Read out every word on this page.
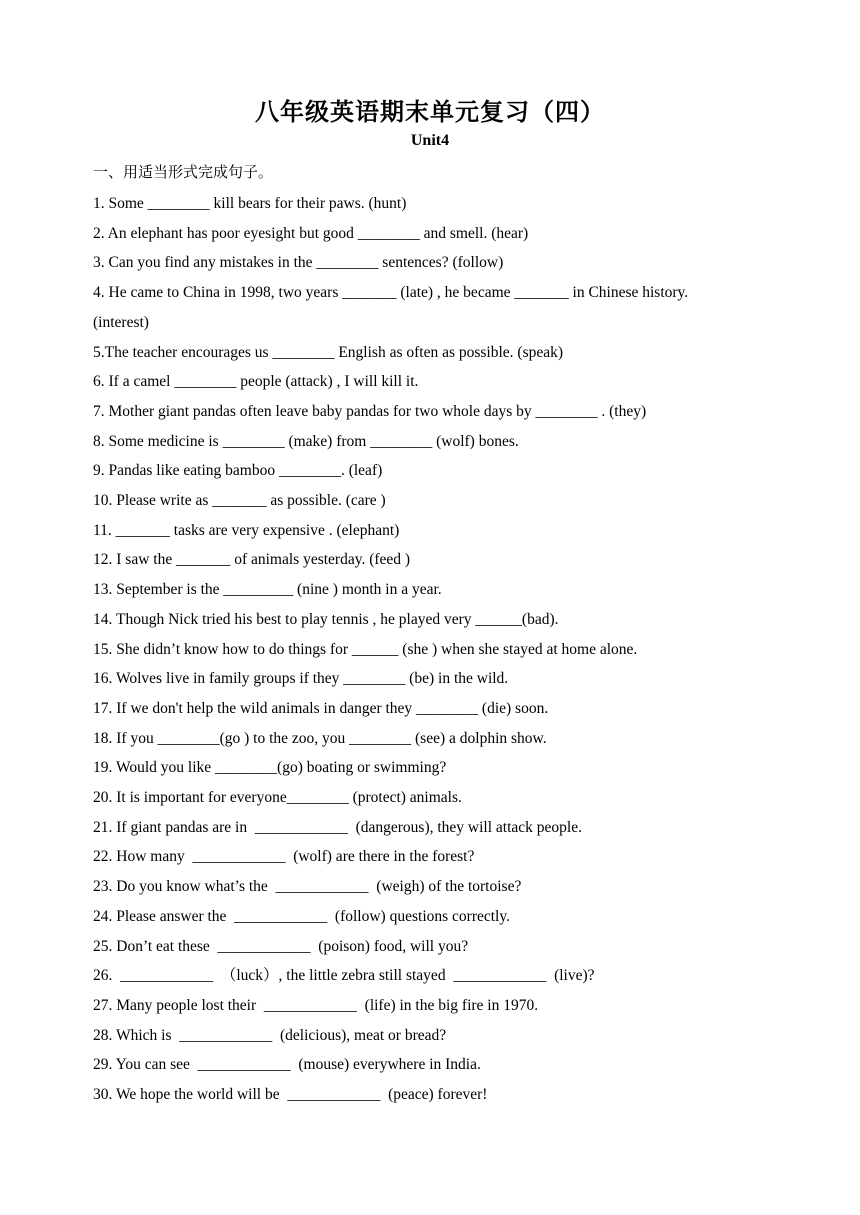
八年级英语期末单元复习（四）
Unit4
一、用适当形式完成句子。
1. Some ________ kill bears for their paws. (hunt)
2. An elephant has poor eyesight but good ________ and smell. (hear)
3. Can you find any mistakes in the ________ sentences? (follow)
4. He came to China in 1998, two years _______ (late) , he became _______ in Chinese history.
(interest)
5.The teacher encourages us ________ English as often as possible. (speak)
6. If a camel ________ people (attack) , I will kill it.
7. Mother giant pandas often leave baby pandas for two whole days by ________ . (they)
8. Some medicine is ________ (make) from ________ (wolf) bones.
9. Pandas like eating bamboo ________. (leaf)
10. Please write as _______ as possible. (care )
11. _______ tasks are very expensive . (elephant)
12. I saw the _______ of animals yesterday. (feed )
13. September is the _________ (nine ) month in a year.
14. Though Nick tried his best to play tennis , he played very ______(bad).
15. She didn’t know how to do things for ______ (she ) when she stayed at home alone.
16. Wolves live in family groups if they ________ (be) in the wild.
17. If we don't help the wild animals in danger they ________ (die) soon.
18. If you ________(go ) to the zoo, you ________ (see) a dolphin show.
19. Would you like ________(go) boating or swimming?
20. It is important for everyone________ (protect) animals.
21. If giant pandas are in  ____________  (dangerous), they will attack people.
22. How many  ____________  (wolf) are there in the forest?
23. Do you know what’s the  ____________  (weigh) of the tortoise?
24. Please answer the  ____________  (follow) questions correctly.
25. Don’t eat these  ____________  (poison) food, will you?
26.  ____________  （luck）, the little zebra still stayed  ____________  (live)?
27. Many people lost their  ____________  (life) in the big fire in 1970.
28. Which is  ____________  (delicious), meat or bread?
29. You can see  ____________  (mouse) everywhere in India.
30. We hope the world will be  ____________  (peace) forever!
